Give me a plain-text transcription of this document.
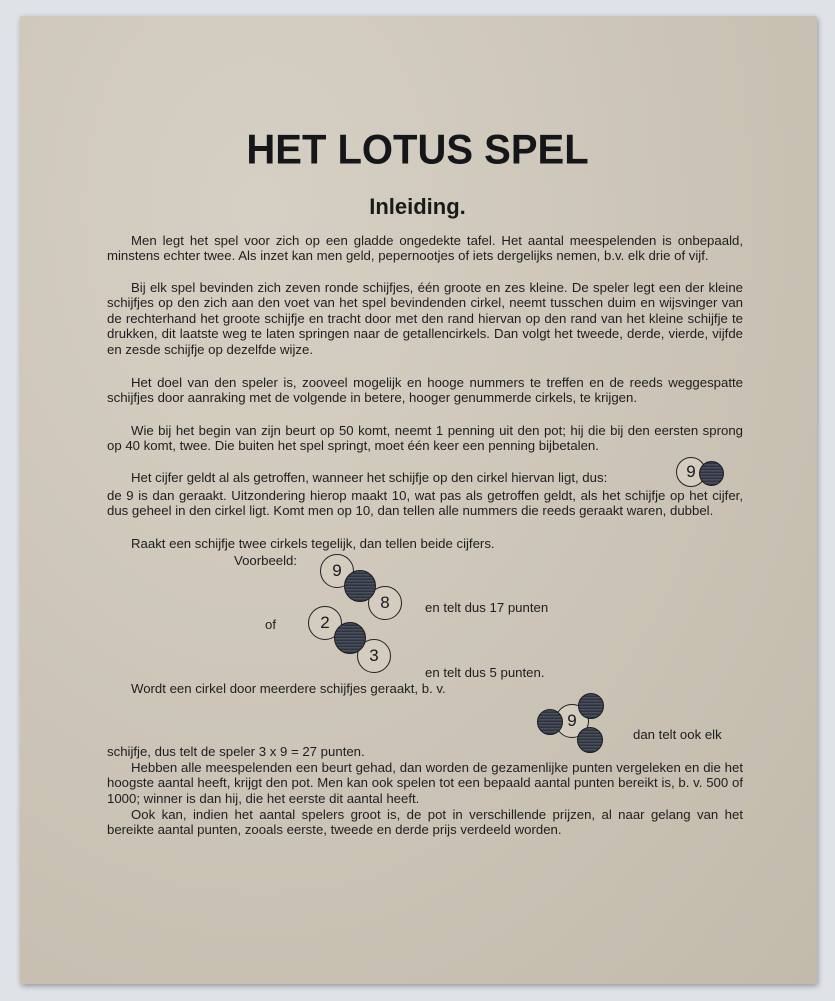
HET LOTUS SPEL
Inleiding.
Men legt het spel voor zich op een gladde ongedekte tafel. Het aantal meespelenden is onbepaald, minstens echter twee. Als inzet kan men geld, pepernootjes of iets dergelijks nemen, b.v. elk drie of vijf.
Bij elk spel bevinden zich zeven ronde schijfjes, één groote en zes kleine. De speler legt een der kleine schijfjes op den zich aan den voet van het spel bevindenden cirkel, neemt tusschen duim en wijsvinger van de rechterhand het groote schijfje en tracht door met den rand hiervan op den rand van het kleine schijfje te drukken, dit laatste weg te laten springen naar de getallencirkels. Dan volgt het tweede, derde, vierde, vijfde en zesde schijfje op dezelfde wijze.
Het doel van den speler is, zooveel mogelijk en hooge nummers te treffen en de reeds weggespatte schijfjes door aanraking met de volgende in betere, hooger genummerde cirkels, te krijgen.
Wie bij het begin van zijn beurt op 50 komt, neemt 1 penning uit den pot; hij die bij den eersten sprong op 40 komt, twee. Die buiten het spel springt, moet één keer een penning bijbetalen.
Het cijfer geldt al als getroffen, wanneer het schijfje op den cirkel hiervan ligt, dus:	9
de 9 is dan geraakt. Uitzondering hierop maakt 10, wat pas als getroffen geldt, als het schijfje op het cijfer, dus geheel in den cirkel ligt. Komt men op 10, dan tellen alle nummers die reeds geraakt waren, dubbel.
Raakt een schijfje twee cirkels tegelijk, dan tellen beide cijfers.
Voorbeeld:
9
8	en telt dus 17 punten
of	2
3
en telt dus 5 punten.
Wordt een cirkel door meerdere schijfjes geraakt, b. v.
9
dan telt ook elk
schijfje, dus telt de speler 3 x 9 = 27 punten.
Hebben alle meespelenden een beurt gehad, dan worden de gezamenlijke punten vergeleken en die het hoogste aantal heeft, krijgt den pot. Men kan ook spelen tot een bepaald aantal punten bereikt is, b. v. 500 of 1000; winner is dan hij, die het eerste dit aantal heeft.
Ook kan, indien het aantal spelers groot is, de pot in verschillende prijzen, al naar gelang van het bereikte aantal punten, zooals eerste, tweede en derde prijs verdeeld worden.
